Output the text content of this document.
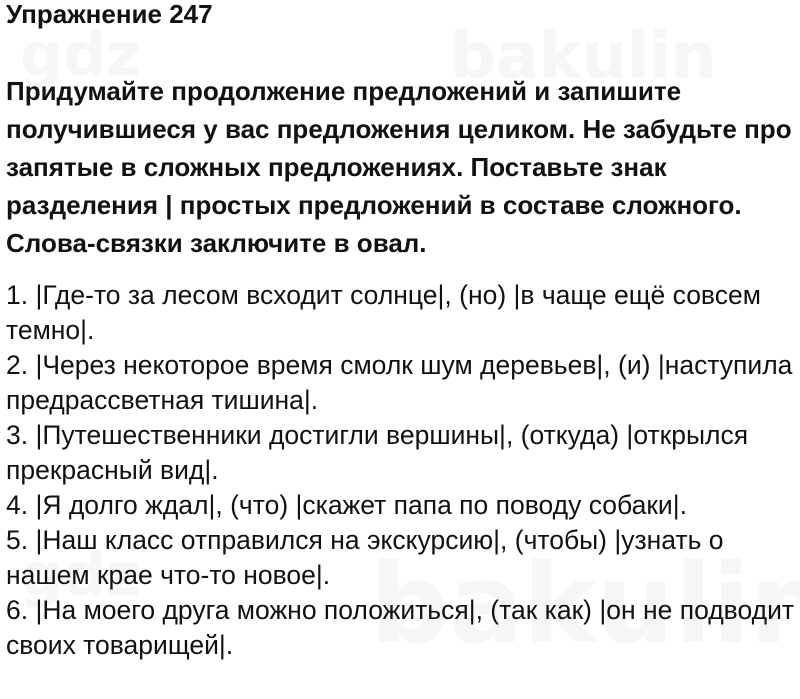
Упражнение 247

Придумайте продолжение предложений и запишите получившиеся у вас предложения целиком. Не забудьте про запятые в сложных предложениях. Поставьте знак разделения | простых предложений в составе сложного. Слова-связки заключите в овал.

1. |Где-то за лесом всходит солнце|, (но) |в чаще ещё совсем темно|.
2. |Через некоторое время смолк шум деревьев|, (и) |наступила предрассветная тишина|.
3. |Путешественники достигли вершины|, (откуда) |открылся прекрасный вид|.
4. |Я долго ждал|, (что) |скажет папа по поводу собаки|.
5. |Наш класс отправился на экскурсию|, (чтобы) |узнать о нашем крае что-то новое|.
6. |На моего друга можно положиться|, (так как) |он не подводит своих товарищей|.
